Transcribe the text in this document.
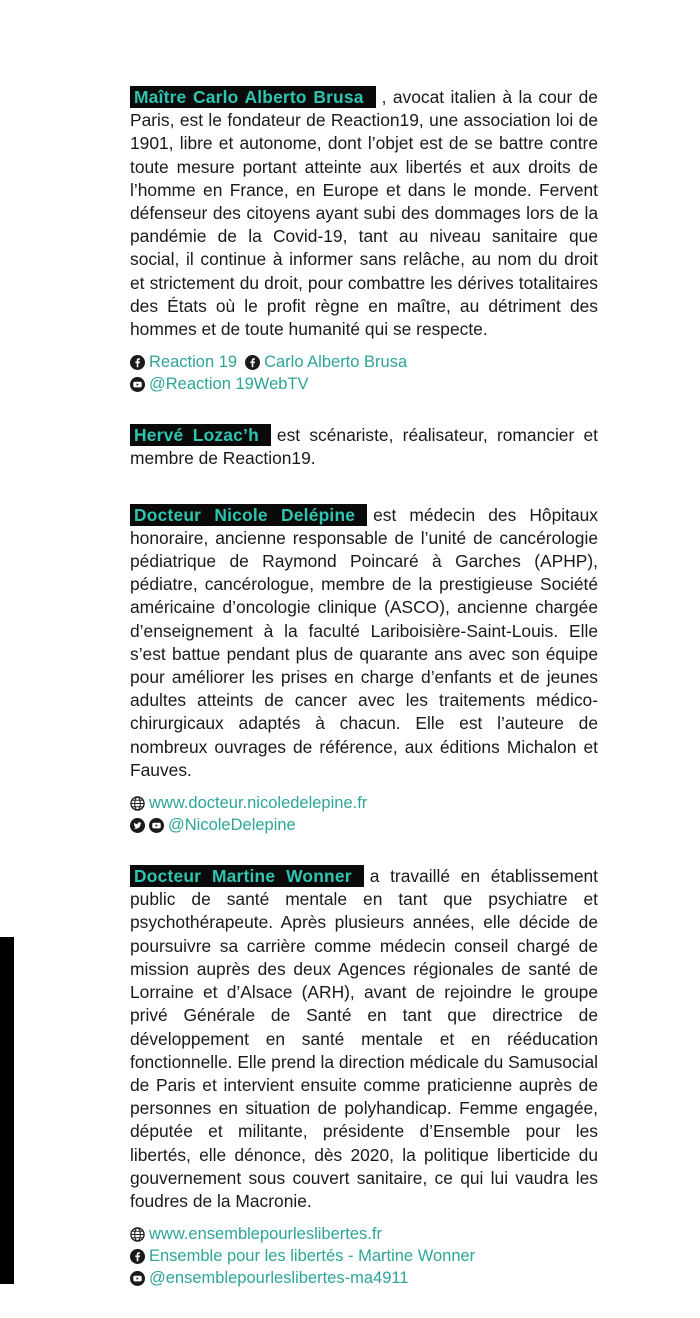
Maître Carlo Alberto Brusa , avocat italien à la cour de Paris, est le fondateur de Reaction19, une association loi de 1901, libre et autonome, dont l’objet est de se battre contre toute mesure portant atteinte aux libertés et aux droits de l’homme en France, en Europe et dans le monde. Fervent défenseur des citoyens ayant subi des dommages lors de la pandémie de la Covid-19, tant au niveau sanitaire que social, il continue à informer sans relâche, au nom du droit et strictement du droit, pour combattre les dérives totalitaires des États où le profit règne en maître, au détriment des hommes et de toute humanité qui se respecte.

Reaction 19 Carlo Alberto Brusa
@Reaction 19WebTV

Hervé Lozac’h est scénariste, réalisateur, romancier et membre de Reaction19.

Docteur Nicole Delépine est médecin des Hôpitaux honoraire, ancienne responsable de l’unité de cancérologie pédiatrique de Raymond Poincaré à Garches (APHP), pédiatre, cancérologue, membre de la prestigieuse Société américaine d’oncologie clinique (ASCO), ancienne chargée d’enseignement à la faculté Lariboisière-Saint-Louis. Elle s’est battue pendant plus de quarante ans avec son équipe pour améliorer les prises en charge d’enfants et de jeunes adultes atteints de cancer avec les traitements médico-chirurgicaux adaptés à chacun. Elle est l’auteure de nombreux ouvrages de référence, aux éditions Michalon et Fauves.

www.docteur.nicoledelepine.fr
@NicoleDelepine

Docteur Martine Wonner a travaillé en établissement public de santé mentale en tant que psychiatre et psychothérapeute. Après plusieurs années, elle décide de poursuivre sa carrière comme médecin conseil chargé de mission auprès des deux Agences régionales de santé de Lorraine et d’Alsace (ARH), avant de rejoindre le groupe privé Générale de Santé en tant que directrice de développement en santé mentale et en rééducation fonctionnelle. Elle prend la direction médicale du Samusocial de Paris et intervient ensuite comme praticienne auprès de personnes en situation de polyhandicap. Femme engagée, députée et militante, présidente d’Ensemble pour les libertés, elle dénonce, dès 2020, la politique liberticide du gouvernement sous couvert sanitaire, ce qui lui vaudra les foudres de la Macronie.

www.ensemblepourleslibertes.fr
Ensemble pour les libertés - Martine Wonner
@ensemblepourleslibertes-ma4911
